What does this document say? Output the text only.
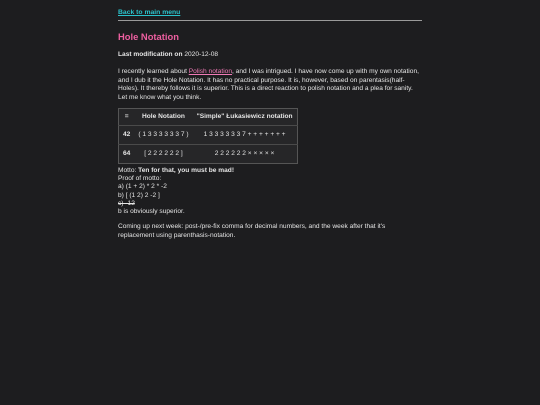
Back to main menu
Hole Notation
Last modification on 2020-12-08

I recently learned about Polish notation, and I was intrigued. I have now come up with my own notation, and I dub it the Hole Notation. It has no practical purpose. It is, however, based on parentasis(half-Holes). It thereby follows it is superior. This is a direct reaction to polish notation and a plea for sanity. Let me know what you think.

=	Hole Notation	"Simple" Łukasiewicz notation
42	( 1 3 3 3 3 3 3 7 )	1 3 3 3 3 3 3 7 + + + + + + +
64	[ 2 2 2 2 2 2 ]	2 2 2 2 2 2 × × × × ×
Motto: Ten for that, you must be mad!
Proof of motto:
a) (1 + 2) * 2 * -2
b) [ (1 2) 2 -2 ]
c) -12
b is obviously superior.

Coming up next week: post-/pre-fix comma for decimal numbers, and the week after that it's replacement using parenthasis-notation.
